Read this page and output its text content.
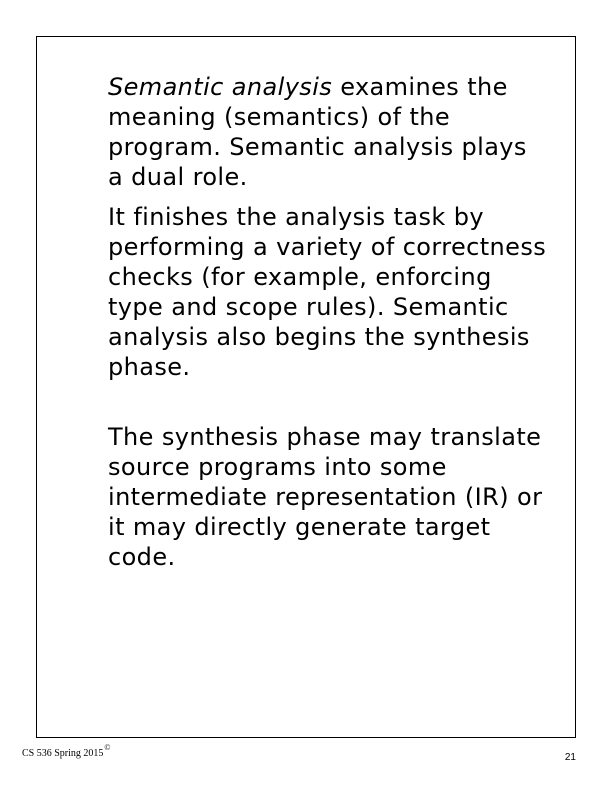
Semantic analysis examines the meaning (semantics) of the program. Semantic analysis plays a dual role.

It finishes the analysis task by performing a variety of correctness checks (for example, enforcing type and scope rules). Semantic analysis also begins the synthesis phase.

The synthesis phase may translate source programs into some intermediate representation (IR) or it may directly generate target code.

CS 536 Spring 2015©
21
